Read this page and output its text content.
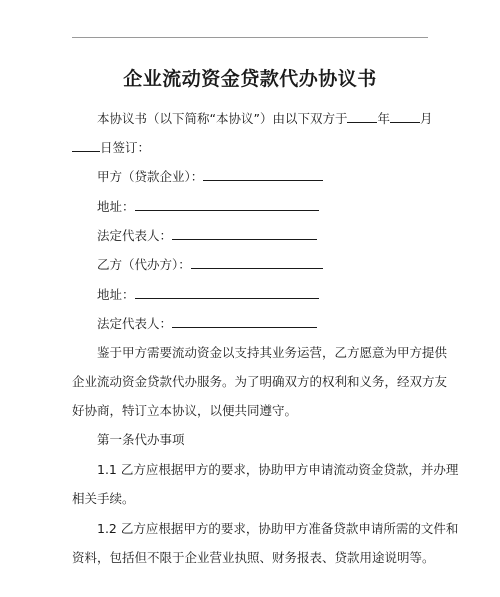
企业流动资金贷款代办协议书
本协议书（以下简称“本协议”）由以下双方于 年 月
日签订：
甲方（贷款企业）：
地址：
法定代表人：
乙方（代办方）：
地址：
法定代表人：
鉴于甲方需要流动资金以支持其业务运营，乙方愿意为甲方提供
企业流动资金贷款代办服务。为了明确双方的权利和义务，经双方友
好协商，特订立本协议，以便共同遵守。
第一条代办事项
1.1 乙方应根据甲方的要求，协助甲方申请流动资金贷款，并办理
相关手续。
1.2 乙方应根据甲方的要求，协助甲方准备贷款申请所需的文件和
资料，包括但不限于企业营业执照、财务报表、贷款用途说明等。
